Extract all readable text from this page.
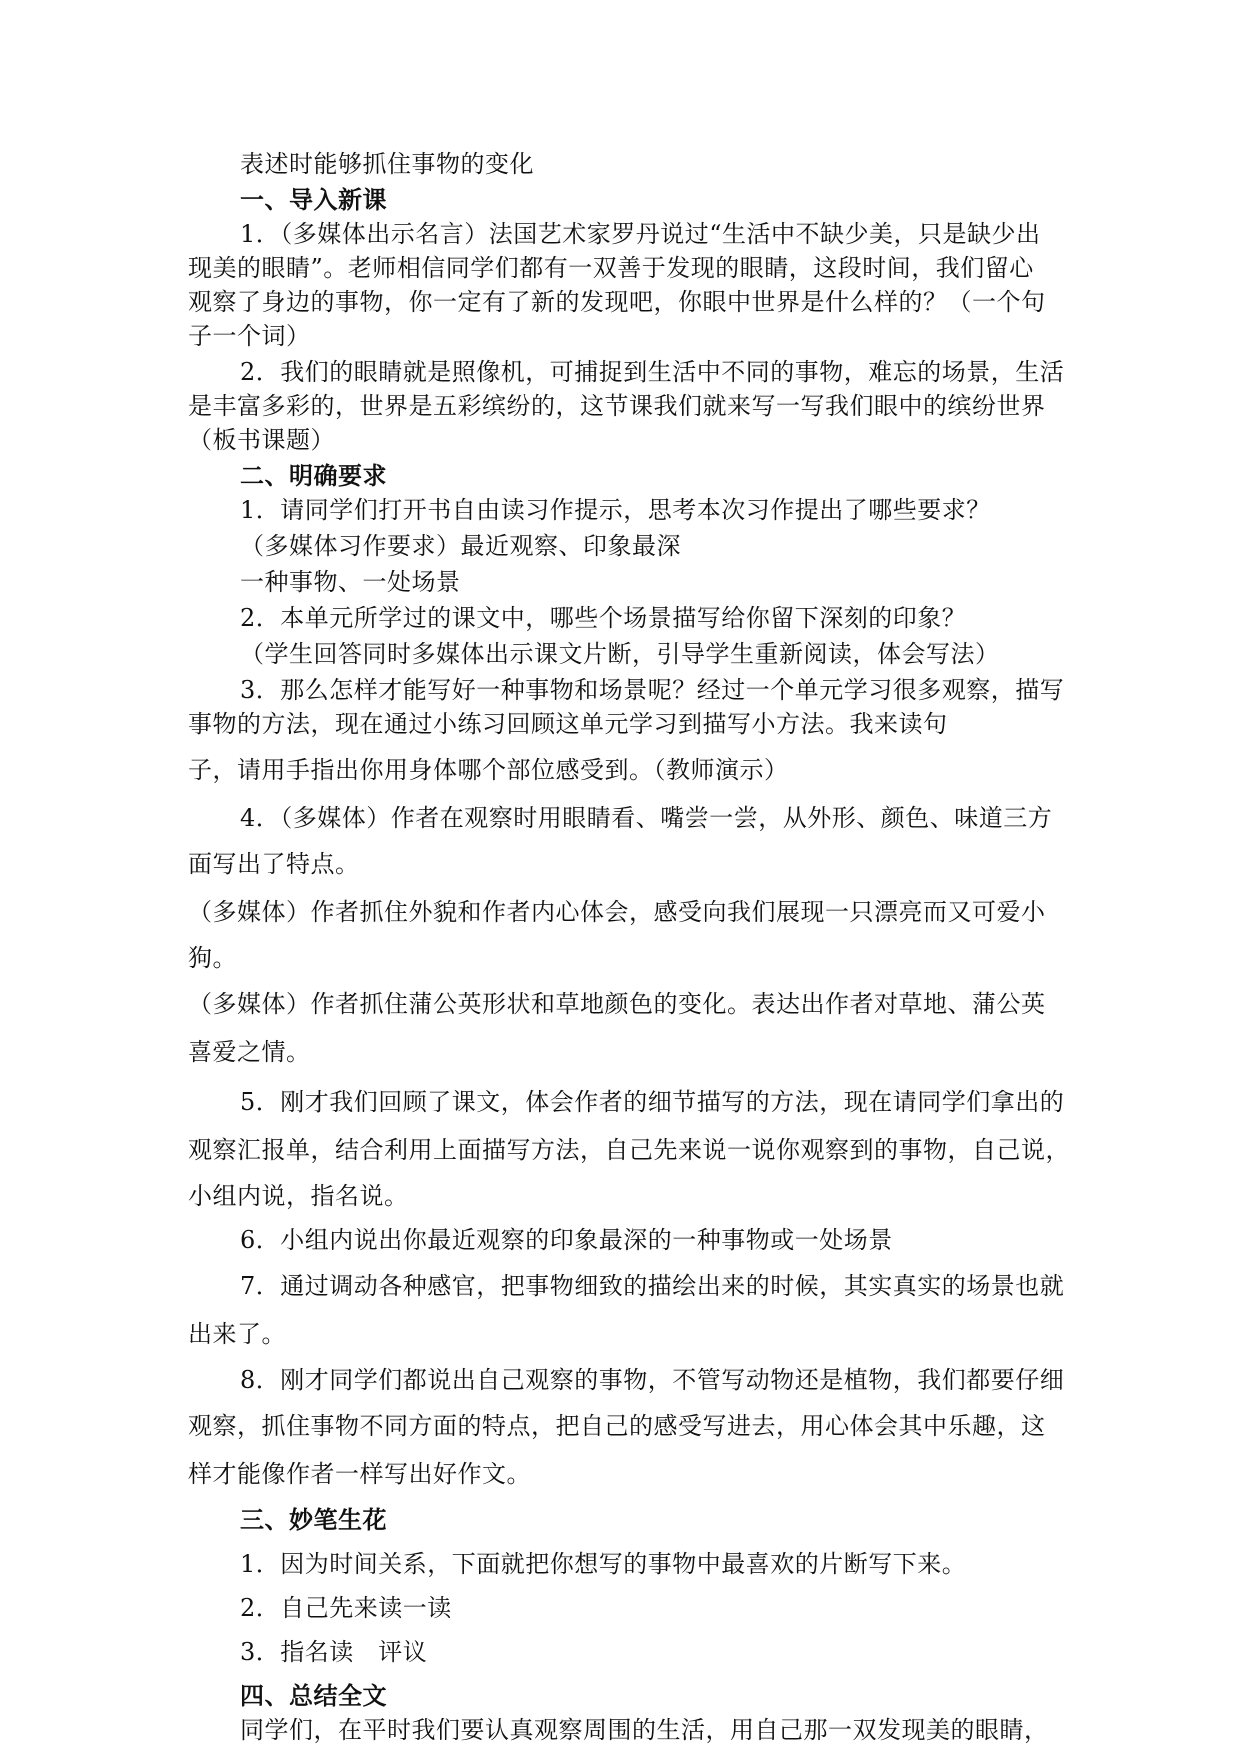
表述时能够抓住事物的变化

一、导入新课

1．（多媒体出示名言）法国艺术家罗丹说过“生活中不缺少美，只是缺少出

现美的眼睛”。老师相信同学们都有一双善于发现的眼睛，这段时间，我们留心

观察了身边的事物，你一定有了新的发现吧，你眼中世界是什么样的？（一个句

子一个词）

2．我们的眼睛就是照像机，可捕捉到生活中不同的事物，难忘的场景，生活

是丰富多彩的，世界是五彩缤纷的，这节课我们就来写一写我们眼中的缤纷世界

（板书课题）

二、明确要求

1．请同学们打开书自由读习作提示，思考本次习作提出了哪些要求？

（多媒体习作要求）最近观察、印象最深

一种事物、一处场景

2．本单元所学过的课文中，哪些个场景描写给你留下深刻的印象？

（学生回答同时多媒体出示课文片断，引导学生重新阅读，体会写法）

3．那么怎样才能写好一种事物和场景呢？经过一个单元学习很多观察，描写

事物的方法，现在通过小练习回顾这单元学习到描写小方法。我来读句

子，请用手指出你用身体哪个部位感受到。（教师演示）

4．（多媒体）作者在观察时用眼睛看、嘴尝一尝，从外形、颜色、味道三方

面写出了特点。

（多媒体）作者抓住外貌和作者内心体会，感受向我们展现一只漂亮而又可爱小

狗。

（多媒体）作者抓住蒲公英形状和草地颜色的变化。表达出作者对草地、蒲公英

喜爱之情。

5．刚才我们回顾了课文，体会作者的细节描写的方法，现在请同学们拿出的

观察汇报单，结合利用上面描写方法，自己先来说一说你观察到的事物，自己说，

小组内说，指名说。

6．小组内说出你最近观察的印象最深的一种事物或一处场景

7．通过调动各种感官，把事物细致的描绘出来的时候，其实真实的场景也就

出来了。

8．刚才同学们都说出自己观察的事物，不管写动物还是植物，我们都要仔细

观察，抓住事物不同方面的特点，把自己的感受写进去，用心体会其中乐趣，这

样才能像作者一样写出好作文。

三、妙笔生花

1．因为时间关系，下面就把你想写的事物中最喜欢的片断写下来。

2．自己先来读一读

3．指名读　评议

四、总结全文

同学们，在平时我们要认真观察周围的生活，用自己那一双发现美的眼睛，
